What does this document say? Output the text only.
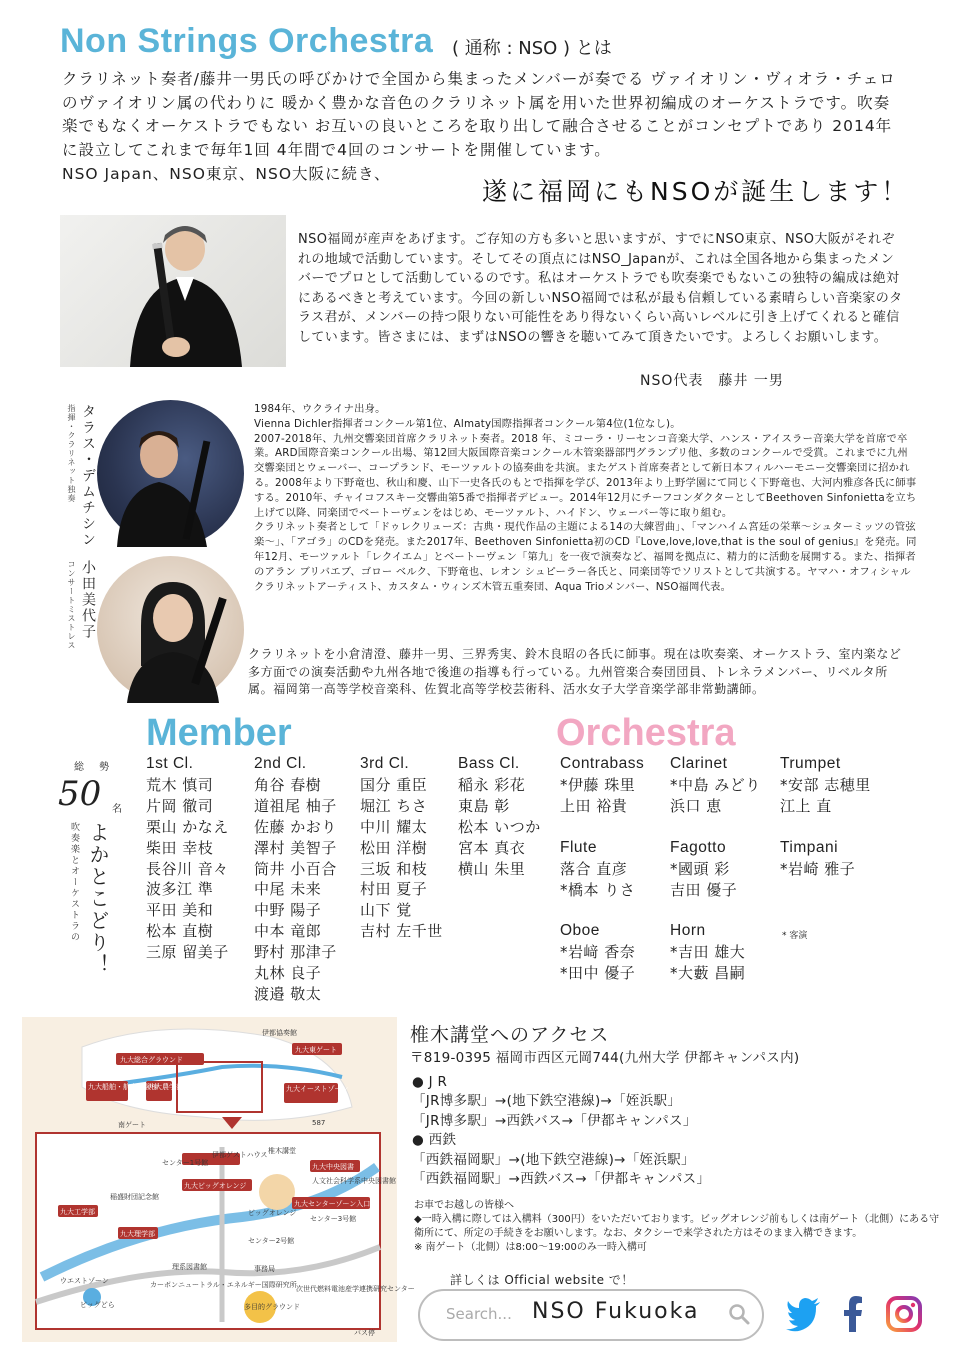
Non Strings Orchestra ( 通称 : NSO ) とは
クラリネット奏者/藤井一男氏の呼びかけで全国から集まったメンバーが奏でる ヴァイオリン・ヴィオラ・チェロのヴァイオリン属の代わりに 暖かく豊かな音色のクラリネット属を用いた世界初編成のオーケストラです。吹奏楽でもなくオーケストラでもない お互いの良いところを取り出して融合させることがコンセプトであり 2014年に設立してこれまで毎年1回 4年間で4回のコンサートを開催しています。
NSO Japan、NSO東京、NSO大阪に続き、
遂に福岡にもNSOが誕生します！
NSO福岡が産声をあげます。ご存知の方も多いと思いますが、すでにNSO東京、NSO大阪がそれぞれの地域で活動しています。そしてその頂点にはNSO_Japanが、これは全国各地から集まったメンバーでプロとして活動しているのです。私はオーケストラでも吹奏楽でもないこの独特の編成は絶対にあるべきと考えています。今回の新しいNSO福岡では私が最も信頼している素晴らしい音楽家のタラス君が、メンバーの持つ限りない可能性をあり得ないくらい高いレベルに引き上げてくれると確信しています。皆さまには、まずはNSOの響きを聴いてみて頂きたいです。よろしくお願いします。
NSO代表　藤井 一男
指揮・クラリネット独奏 タラス・デムチシン	1984年、ウクライナ出身。
Vienna Dichler指揮者コンクール第1位、Almaty国際指揮者コンクール第4位(1位なし)。
2007-2018年、九州交響楽団首席クラリネット奏者。2018 年、ミコーラ・リーセンコ音楽大学、ハンス・アイスラー音楽大学を首席で卒業。ARD国際音楽コンクール出場、第12回大阪国際音楽コンクール木管楽器部門グランプリ他、多数のコンクールで受賞。これまでに九州交響楽団とウェーバー、コープランド、モーツァルトの協奏曲を共演。またゲスト首席奏者として新日本フィルハーモニー交響楽団に招かれる。2008年より下野竜也、秋山和慶、山下一史各氏のもとで指揮を学び、2013年より上野学園にて同じく下野竜也、大河内雅彦各氏に師事する。2010年、チャイコフスキー交響曲第5番で指揮者デビュー。2014年12月にチーフコンダクターとしてBeethoven Sinfoniettaを立ち上げて以降、同楽団でベートーヴェンをはじめ、モーツァルト、ハイドン、ウェーバー等に取り組む。
クラリネット奏者として「ドゥレクリューズ：古典・現代作品の主題による14の大練習曲」、「マンハイム宮廷の栄華～シュターミッツの管弦楽～」、「アゴラ」のCDを発売。また2017年、Beethoven Sinfonietta初のCD『Love,love,love,that is the soul of genius』を発売。同年12月、モーツァルト「レクイエム」とベートーヴェン「第九」を一夜で演奏など、福岡を拠点に、精力的に活動を展開する。また、指揮者のアラン ブリバエブ、ゴロー ベルク、下野竜也、レオン シュピーラー各氏と、同楽団等でソリストとして共演する。ヤマハ・オフィシャルクラリネットアーティスト、カスタム・ウィンズ木管五重奏団、Aqua Trioメンバー、NSO福岡代表。
コンサートミストレス 小田美代子
クラリネットを小倉清澄、藤井一男、三界秀実、鈴木良昭の各氏に師事。現在は吹奏楽、オーケストラ、室内楽など多方面での演奏活動や九州各地で後進の指導も行っている。九州管楽合奏団団員、トレネラメンバー、リベルタ所属。福岡第一高等学校音楽科、佐賀北高等学校芸術科、活水女子大学音楽学部非常勤講師。
Member	Orchestra
総 勢
50 名
吹奏楽とオーケストラの よかとこどり！
1st Cl.
荒木 慎司
片岡 徹司
栗山 かなえ
柴田 幸枝
長谷川 音々
波多江 準
平田 美和
松本 直樹
三原 留美子
2nd Cl.
角谷 春樹
道祖尾 柚子
佐藤 かおり
澤村 美智子
筒井 小百合
中尾 未来
中野 陽子
中本 竜郎
野村 那津子
丸林 良子
渡邉 敬太
3rd Cl.
国分 重臣
堀江 ちさ
中川 耀太
松田 洋樹
三坂 和枝
村田 夏子
山下 覚
吉村 左千世
Bass Cl.
稲永 彩花
東島 彰
松本 いつか
宮本 真衣
横山 朱里
Contrabass
*伊藤 珠里
上田 裕貴
Clarinet
*中島 みどり
浜口 恵
Trumpet
*安部 志穂里
江上 直
Flute
落合 直彦
*橋本 りさ
Fagotto
*國頭 彩
吉田 優子
Timpani
*岩崎 雅子
Oboe
*岩﨑 香奈
*田中 優子
Horn
*吉田 雄大
*大藪 昌嗣
* 客演
九大総合グラウンド
九大東ゲート
九大船舶・航空実験棟
九大農学部	九大イーストゾーン
九大中央図書
九大ビッグオレンジ
九大センターゾーン入口
九大工学部
九大理学部
伊都協奏館
南ゲート	587
センター1号館
伊都ゲストハウス 椎木講堂
人文社会科学系中央図書館
稲盛財団記念館
ビッグオレンジ
センター3号館
センター2号館
理系図書館	事務局
ウエストゾーン	カーボンニュートラル・エネルギー国際研究所 次世代燃料電池産学連携研究センター
ビッグどら	多目的グラウンド
バス停
椎木講堂へのアクセス
〒819-0395 福岡市西区元岡744(九州大学 伊都キャンパス内)
● J R
「JR博多駅」→(地下鉄空港線)→「姪浜駅」
「JR博多駅」→西鉄バス→「伊都キャンパス」
● 西鉄
「西鉄福岡駅」→(地下鉄空港線)→「姪浜駅」
「西鉄福岡駅」→西鉄バス→「伊都キャンパス」
お車でお越しの皆様へ
◆一時入構に際しては入構料（300円）をいただいております。ビッグオレンジ前もしくは南ゲート（北側）にある守衛所にて、所定の手続きをお願いします。なお、タクシーで来学された方はそのまま入構できます。
※ 南ゲート（北側）は8:00～19:00のみ一時入構可
詳しくは Official website で！
Search... NSO Fukuoka
